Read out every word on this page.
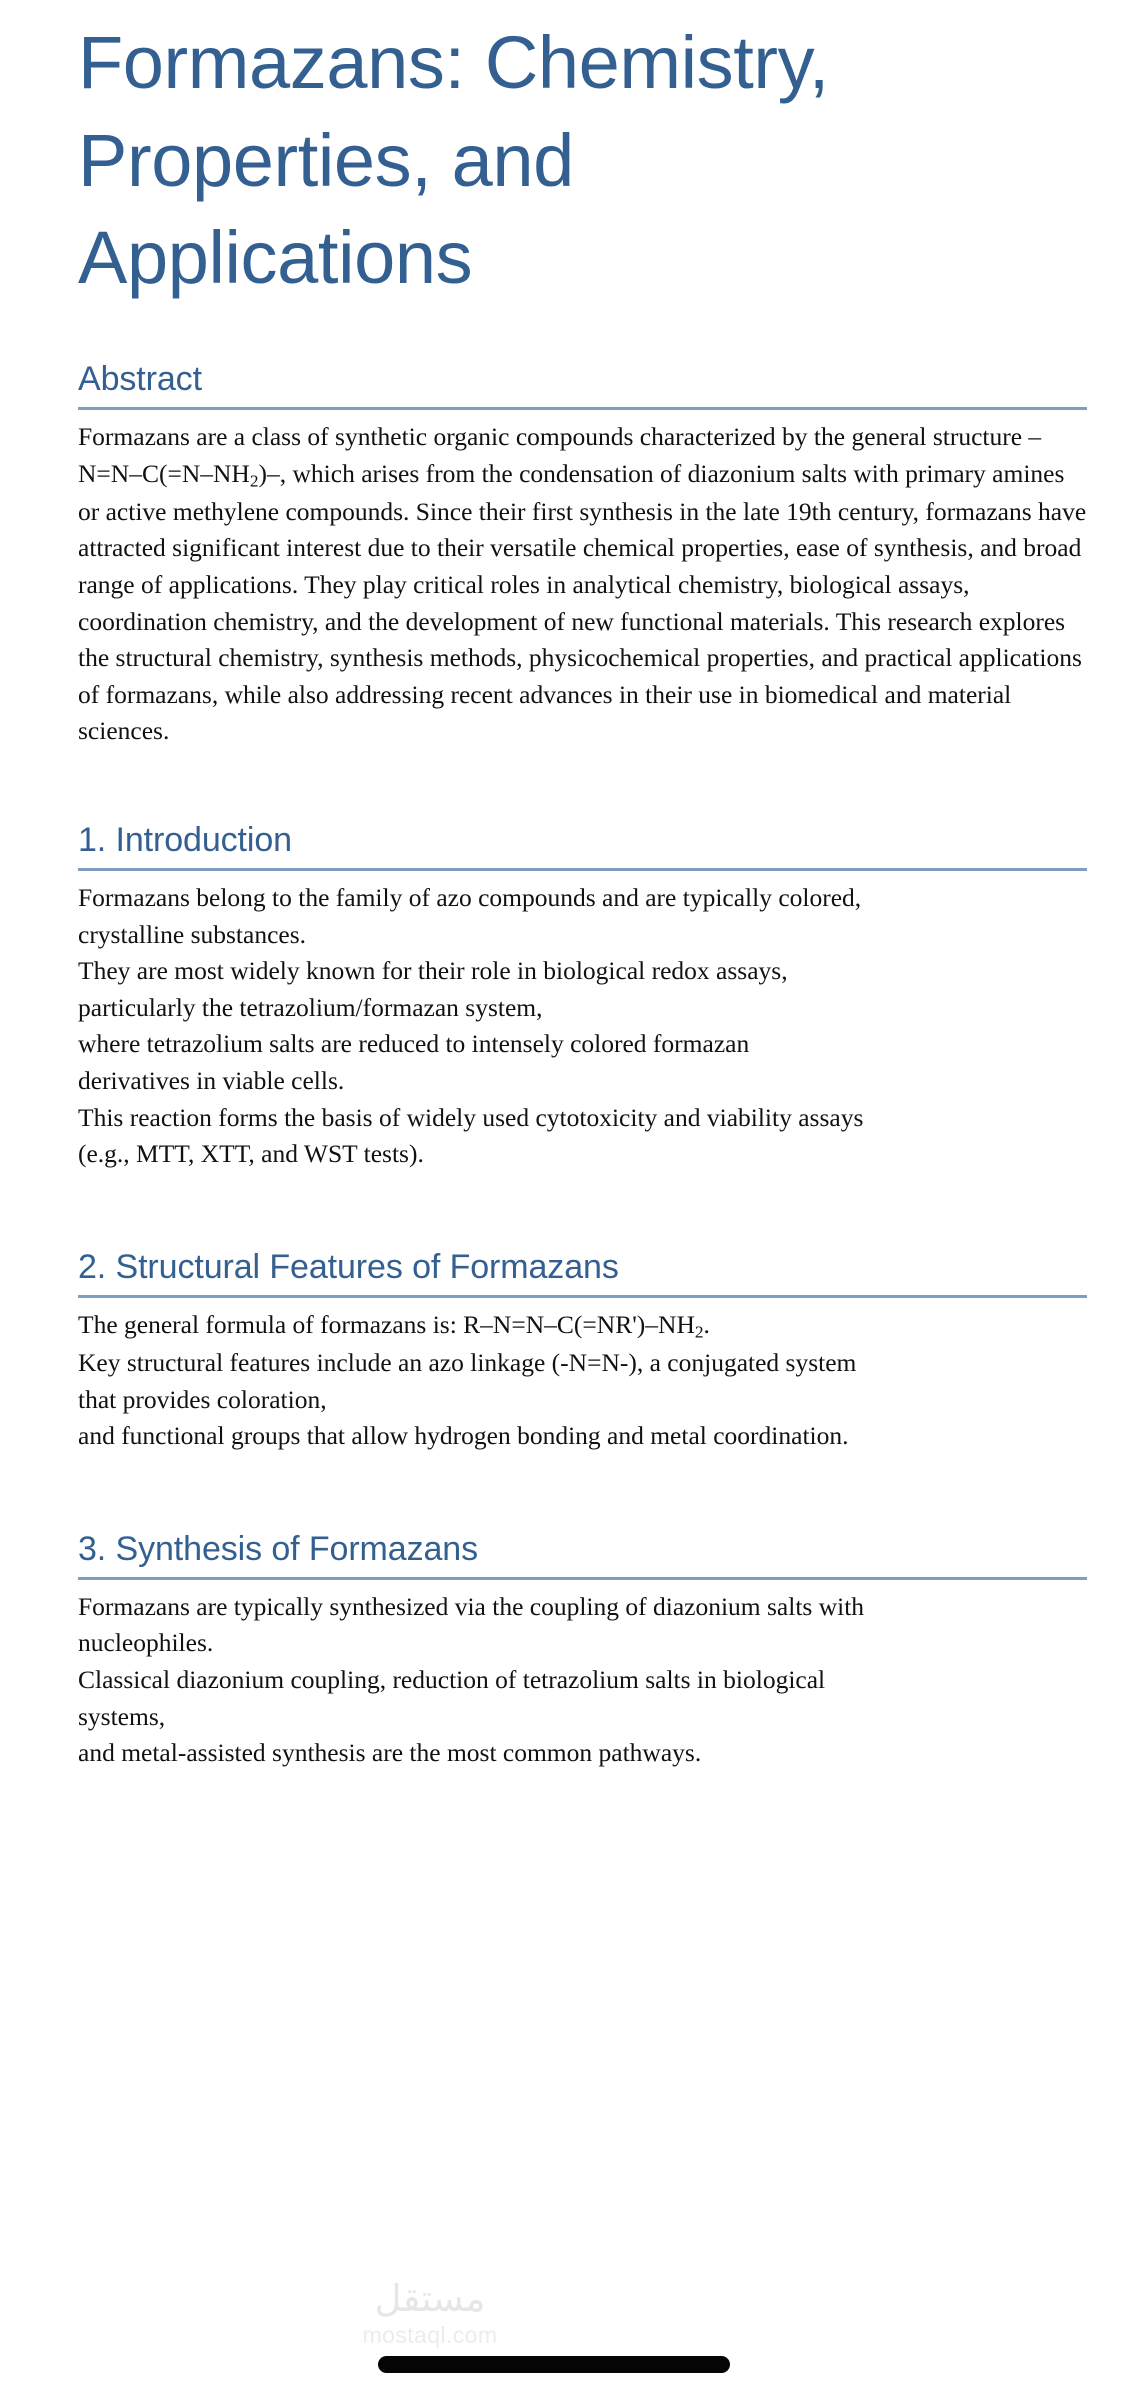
Formazans: Chemistry, Properties, and Applications
Abstract

Formazans are a class of synthetic organic compounds characterized by the general structure $-N=N-C(=N-NH_2)-$, which arises from the condensation of diazonium salts with primary amines or active methylene compounds. Since their first synthesis in the late 19th century, formazans have attracted significant interest due to their versatile chemical properties, ease of synthesis, and broad range of applications. They play critical roles in analytical chemistry, biological assays, coordination chemistry, and the development of new functional materials. This research explores the structural chemistry, synthesis methods, physicochemical properties, and practical applications of formazans, while also addressing recent advances in their use in biomedical and material sciences.

1. Introduction
Formazans belong to the family of azo compounds and are typically colored,
crystalline substances.
They are most widely known for their role in biological redox assays,
particularly the tetrazolium/formazan system,
where tetrazolium salts are reduced to intensely colored formazan
derivatives in viable cells.
This reaction forms the basis of widely used cytotoxicity and viability assays
(e.g., MTT, XTT, and WST tests).
2. Structural Features of Formazans
The general formula of formazans is: $R-N=N-C(=NR')-NH_2$.
Key structural features include an azo linkage (-N=N-), a conjugated system
that provides coloration,
and functional groups that allow hydrogen bonding and metal coordination.
3. Synthesis of Formazans
Formazans are typically synthesized via the coupling of diazonium salts with
nucleophiles.
Classical diazonium coupling, reduction of tetrazolium salts in biological
systems,
and metal-assisted synthesis are the most common pathways.
مستقل
mostaql.com
